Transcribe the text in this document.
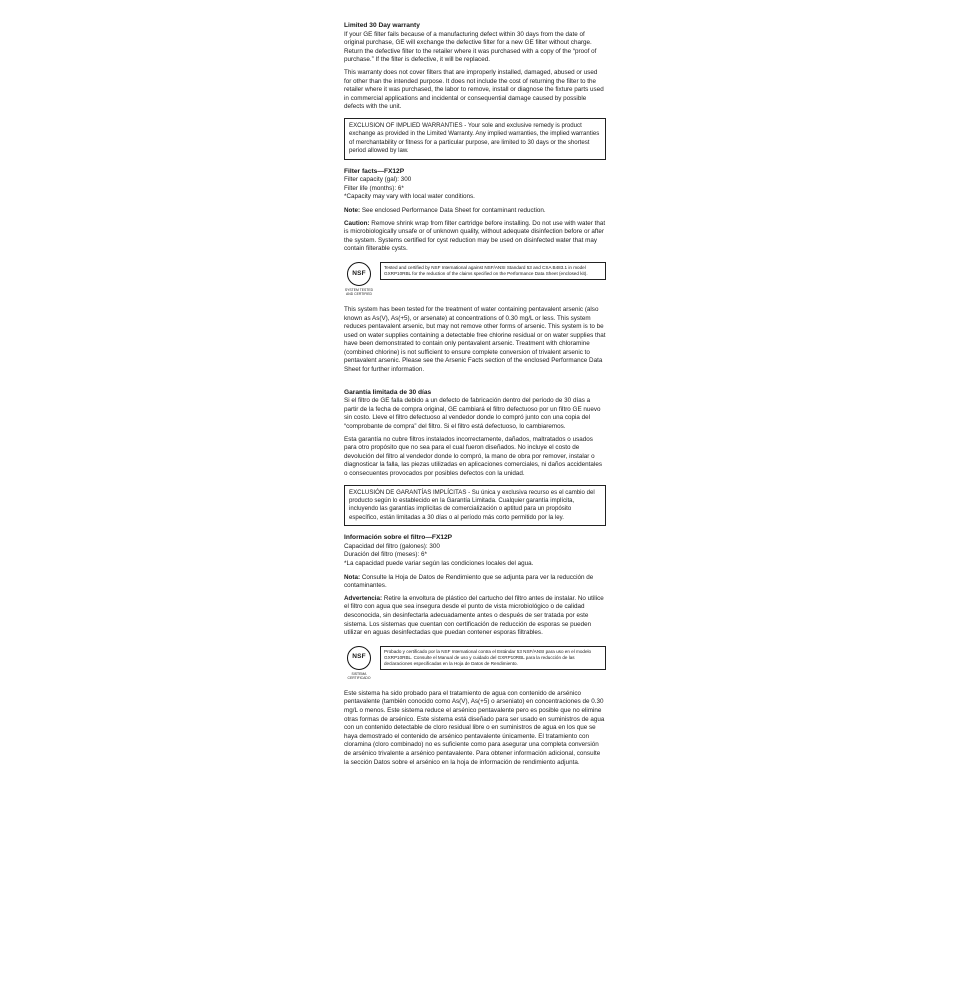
Limited 30 Day warranty

If your GE filter fails because of a manufacturing defect within 30 days from the date of original purchase, GE will exchange the defective filter for a new GE filter without charge. Return the defective filter to the retailer where it was purchased with a copy of the “proof of purchase.” If the filter is defective, it will be replaced.

This warranty does not cover filters that are improperly installed, damaged, abused or used for other than the intended purpose. It does not include the cost of returning the filter to the retailer where it was purchased, the labor to remove, install or diagnose the fixture parts used in commercial applications and incidental or consequential damage caused by possible defects with the unit.

EXCLUSION OF IMPLIED WARRANTIES - Your sole and exclusive remedy is product exchange as provided in the Limited Warranty. Any implied warranties, the implied warranties of merchantability or fitness for a particular purpose, are limited to 30 days or the shortest period allowed by law.
Filter facts—FX12P
Filter capacity (gal): 300
Filter life (months): 6*
*Capacity may vary with local water conditions.

Note: See enclosed Performance Data Sheet for contaminant reduction.

Caution: Remove shrink wrap from filter cartridge before installing. Do not use with water that is microbiologically unsafe or of unknown quality, without adequate disinfection before or after the system. Systems certified for cyst reduction may be used on disinfected water that may contain filterable cysts.

NSF
SYSTEM TESTED AND CERTIFIED
Tested and certified by NSF International against NSF/ANSI Standard 53 and CSA B483.1 in model GXRP10RBL for the reduction of the claims specified on the Performance Data Sheet (enclosed kit).

This system has been tested for the treatment of water containing pentavalent arsenic (also known as As(V), As(+5), or arsenate) at concentrations of 0.30 mg/L or less. This system reduces pentavalent arsenic, but may not remove other forms of arsenic. This system is to be used on water supplies containing a detectable free chlorine residual or on water supplies that have been demonstrated to contain only pentavalent arsenic. Treatment with chloramine (combined chlorine) is not sufficient to ensure complete conversion of trivalent arsenic to pentavalent arsenic. Please see the Arsenic Facts section of the enclosed Performance Data Sheet for further information.

Garantía limitada de 30 días

Si el filtro de GE falla debido a un defecto de fabricación dentro del período de 30 días a partir de la fecha de compra original, GE cambiará el filtro defectuoso por un filtro GE nuevo sin costo. Lleve el filtro defectuoso al vendedor donde lo compró junto con una copia del “comprobante de compra” del filtro. Si el filtro está defectuoso, lo cambiaremos.

Esta garantía no cubre filtros instalados incorrectamente, dañados, maltratados o usados para otro propósito que no sea para el cual fueron diseñados. No incluye el costo de devolución del filtro al vendedor donde lo compró, la mano de obra por remover, instalar o diagnosticar la falla, las piezas utilizadas en aplicaciones comerciales, ni daños accidentales o consecuentes provocados por posibles defectos con la unidad.

EXCLUSIÓN DE GARANTÍAS IMPLÍCITAS - Su única y exclusiva recurso es el cambio del producto según lo establecido en la Garantía Limitada. Cualquier garantía implícita, incluyendo las garantías implícitas de comercialización o aptitud para un propósito específico, están limitadas a 30 días o al período más corto permitido por la ley.
Información sobre el filtro—FX12P
Capacidad del filtro (galones): 300
Duración del filtro (meses): 6*
*La capacidad puede variar según las condiciones locales del agua.

Nota: Consulte la Hoja de Datos de Rendimiento que se adjunta para ver la reducción de contaminantes.

Advertencia: Retire la envoltura de plástico del cartucho del filtro antes de instalar. No utilice el filtro con agua que sea insegura desde el punto de vista microbiológico o de calidad desconocida, sin desinfectarla adecuadamente antes o después de ser tratada por este sistema. Los sistemas que cuentan con certificación de reducción de esporas se pueden utilizar en aguas desinfectadas que puedan contener esporas filtrables.

NSF
SISTEMA CERTIFICADO
Probado y certificado por la NSF International contra el Estándar 53 NSF/ANSI para uso en el modelo GXRP10RBL. Consulte el Manual de uso y cuidado del GXRP10RBL para la reducción de las declaraciones especificadas en la Hoja de Datos de Rendimiento.

Este sistema ha sido probado para el tratamiento de agua con contenido de arsénico pentavalente (también conocido como As(V), As(+5) o arseniato) en concentraciones de 0.30 mg/L o menos. Este sistema reduce el arsénico pentavalente pero es posible que no elimine otras formas de arsénico. Este sistema está diseñado para ser usado en suministros de agua con un contenido detectable de cloro residual libre o en suministros de agua en los que se haya demostrado el contenido de arsénico pentavalente únicamente. El tratamiento con cloramina (cloro combinado) no es suficiente como para asegurar una completa conversión de arsénico trivalente a arsénico pentavalente. Para obtener información adicional, consulte la sección Datos sobre el arsénico en la hoja de información de rendimiento adjunta.
